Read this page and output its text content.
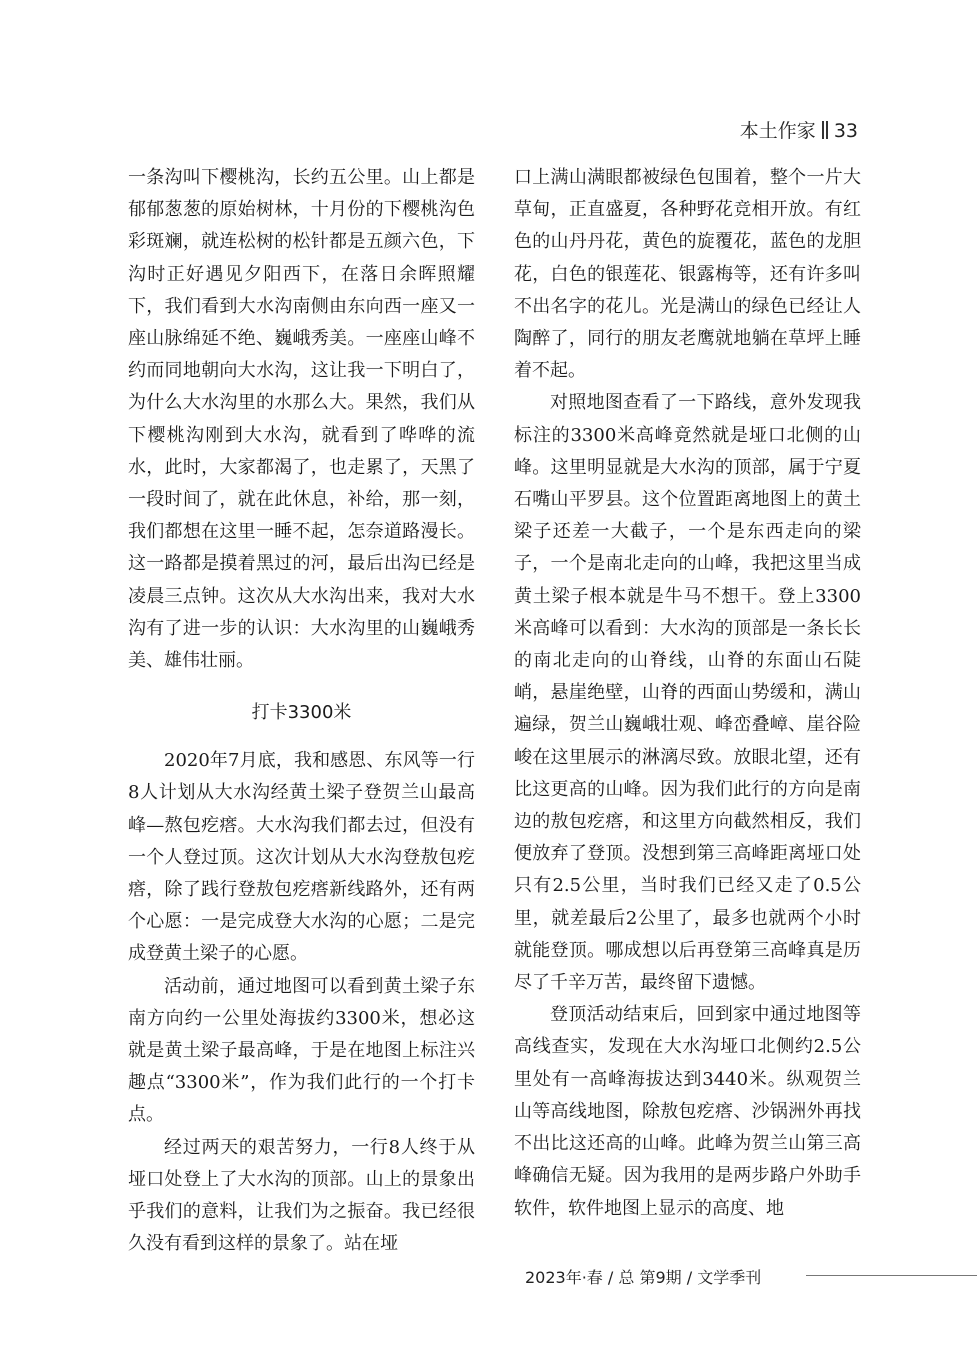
本土作家 33

一条沟叫下樱桃沟，长约五公里。山上都是郁郁葱葱的原始树林，十月份的下樱桃沟色彩斑斓，就连松树的松针都是五颜六色，下沟时正好遇见夕阳西下，在落日余晖照耀下，我们看到大水沟南侧由东向西一座又一座山脉绵延不绝、巍峨秀美。一座座山峰不约而同地朝向大水沟，这让我一下明白了，为什么大水沟里的水那么大。果然，我们从下樱桃沟刚到大水沟，就看到了哗哗的流水，此时，大家都渴了，也走累了，天黑了一段时间了，就在此休息，补给，那一刻，我们都想在这里一睡不起，怎奈道路漫长。这一路都是摸着黑过的河，最后出沟已经是凌晨三点钟。这次从大水沟出来，我对大水沟有了进一步的认识：大水沟里的山巍峨秀美、雄伟壮丽。

打卡3300米

2020年7月底，我和感恩、东风等一行8人计划从大水沟经黄土梁子登贺兰山最高峰—熬包疙瘩。大水沟我们都去过，但没有一个人登过顶。这次计划从大水沟登敖包疙瘩，除了践行登敖包疙瘩新线路外，还有两个心愿：一是完成登大水沟的心愿；二是完成登黄土梁子的心愿。

活动前，通过地图可以看到黄土梁子东南方向约一公里处海拔约3300米，想必这就是黄土梁子最高峰，于是在地图上标注兴趣点“3300米”，作为我们此行的一个打卡点。

经过两天的艰苦努力，一行8人终于从垭口处登上了大水沟的顶部。山上的景象出乎我们的意料，让我们为之振奋。我已经很久没有看到这样的景象了。站在垭

口上满山满眼都被绿色包围着，整个一片大草甸，正直盛夏，各种野花竞相开放。有红色的山丹丹花，黄色的旋覆花，蓝色的龙胆花，白色的银莲花、银露梅等，还有许多叫不出名字的花儿。光是满山的绿色已经让人陶醉了，同行的朋友老鹰就地躺在草坪上睡着不起。

对照地图查看了一下路线，意外发现我标注的3300米高峰竟然就是垭口北侧的山峰。这里明显就是大水沟的顶部，属于宁夏石嘴山平罗县。这个位置距离地图上的黄土梁子还差一大截子，一个是东西走向的梁子，一个是南北走向的山峰，我把这里当成黄土梁子根本就是牛马不想干。登上3300米高峰可以看到：大水沟的顶部是一条长长的南北走向的山脊线，山脊的东面山石陡峭，悬崖绝壁，山脊的西面山势缓和，满山遍绿，贺兰山巍峨壮观、峰峦叠嶂、崖谷险峻在这里展示的淋漓尽致。放眼北望，还有比这更高的山峰。因为我们此行的方向是南边的敖包疙瘩，和这里方向截然相反，我们便放弃了登顶。没想到第三高峰距离垭口处只有2.5公里，当时我们已经又走了0.5公里，就差最后2公里了，最多也就两个小时就能登顶。哪成想以后再登第三高峰真是历尽了千辛万苦，最终留下遗憾。

登顶活动结束后，回到家中通过地图等高线查实，发现在大水沟垭口北侧约2.5公里处有一高峰海拔达到3440米。纵观贺兰山等高线地图，除敖包疙瘩、沙锅洲外再找不出比这还高的山峰。此峰为贺兰山第三高峰确信无疑。因为我用的是两步路户外助手软件，软件地图上显示的高度、地

2023年·春 / 总 第9期 / 文学季刊
